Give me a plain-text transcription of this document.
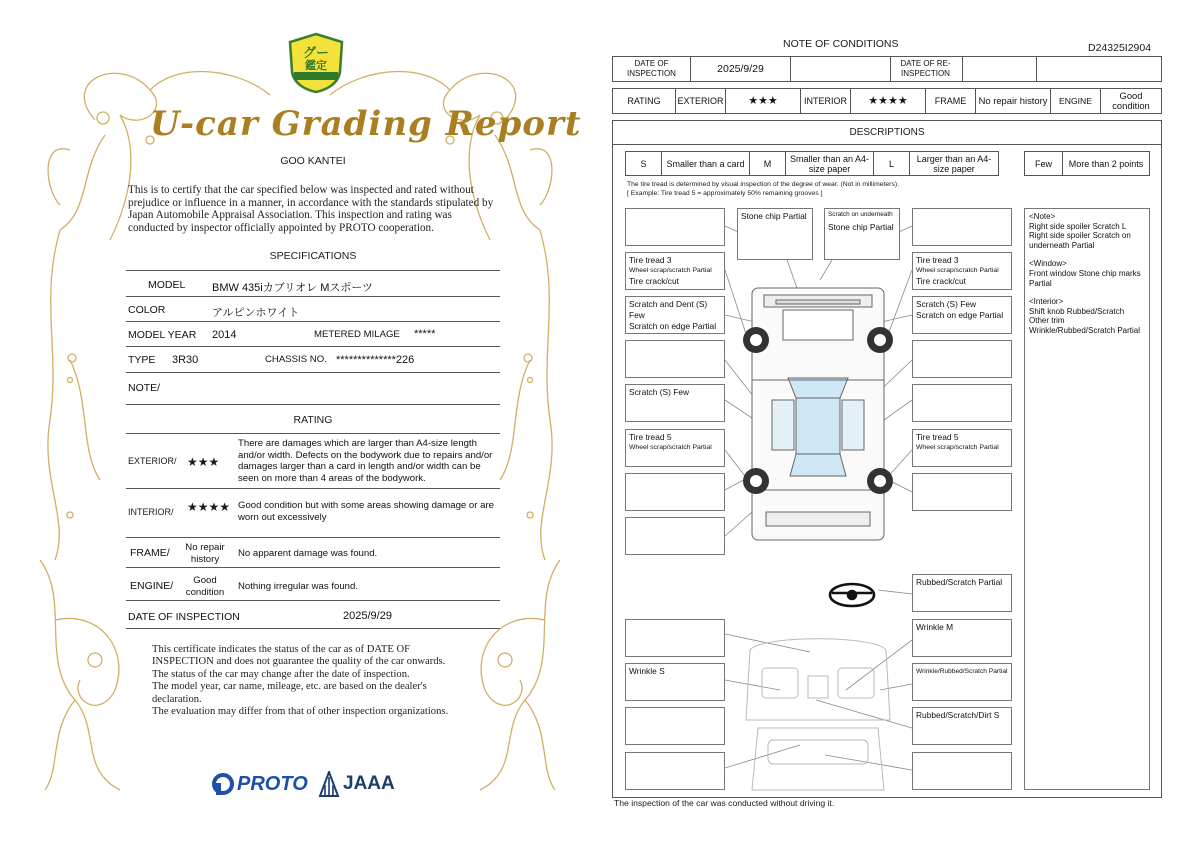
グー
鑑定
U-car Grading Report
GOO KANTEI
This is to certify that the car specified below was inspected and rated without prejudice or influence in a manner, in accordance with the standards stipulated by Japan Automobile Appraisal Association. This inspection and rating was conducted by inspector officially appointed by PROTO cooperation.
SPECIFICATIONS
MODEL BMW 435iカブリオレ Mスポーツ
COLOR	アルピンホワイト
MODEL YEAR 2014	METERED MILAGE *****
TYPE 3R30	CHASSIS NO. **************226
NOTE/
RATING
EXTERIOR/ ★★★
There are damages which are larger than A4-size length and/or width. Defects on the bodywork due to repairs and/or damages larger than a card in length and/or width can be seen on more than 4 areas of the bodywork.
INTERIOR/ ★★★★ Good condition but with some areas showing damage or are worn out excessively
FRAME/	No repair history	No apparent damage was found.
ENGINE/	Good condition	Nothing irregular was found.
DATE OF INSPECTION	2025/9/29
This certificate indicates the status of the car as of DATE OF INSPECTION and does not guarantee the quality of the car onwards.
The status of the car may change after the date of inspection.
The model year, car name, mileage, etc. are based on the dealer's declaration.
The evaluation may differ from that of other inspection organizations.
PROTO JAAA
NOTE OF CONDITIONS	D24325I2904
DATE OF INSPECTION	2025/9/29	DATE OF RE-INSPECTION
RATING	EXTERIOR	★★★	INTERIOR	★★★★	FRAME	No repair history	ENGINE	Good condition
DESCRIPTIONS
S	Smaller than a card	M	Smaller than an A4-size paper	L	Larger than an A4-size paper	Few	More than 2 points
The tire tread is determined by visual inspection of the degree of wear. (Not in millimeters).
[ Example: Tire tread 5 = approximately 50% remaining grooves ]
Stone chip Partial	Scratch on underneath
Stone chip Partial
Tire tread 3
Wheel scrap/scratch Partial
Tire crack/cut
Tire tread 3
Wheel scrap/scratch Partial
Tire crack/cut
Scratch and Dent (S) Few
Scratch on edge Partial
Scratch (S) Few
Scratch on edge Partial
Scratch (S) Few
Tire tread 5
Wheel scrap/scratch Partial
Tire tread 5
Wheel scrap/scratch Partial
Rubbed/Scratch Partial
Wrinkle M
Wrinkle S	Wrinkle/Rubbed/Scratch Partial
Rubbed/Scratch/Dirt S
<Note>
Right side spoiler Scratch L
Right side spoiler Scratch on underneath Partial
<Window>
Front window Stone chip marks Partial
<Interior>
Shift knob Rubbed/Scratch
Other trim
Wrinkle/Rubbed/Scratch Partial
The inspection of the car was conducted without driving it.
